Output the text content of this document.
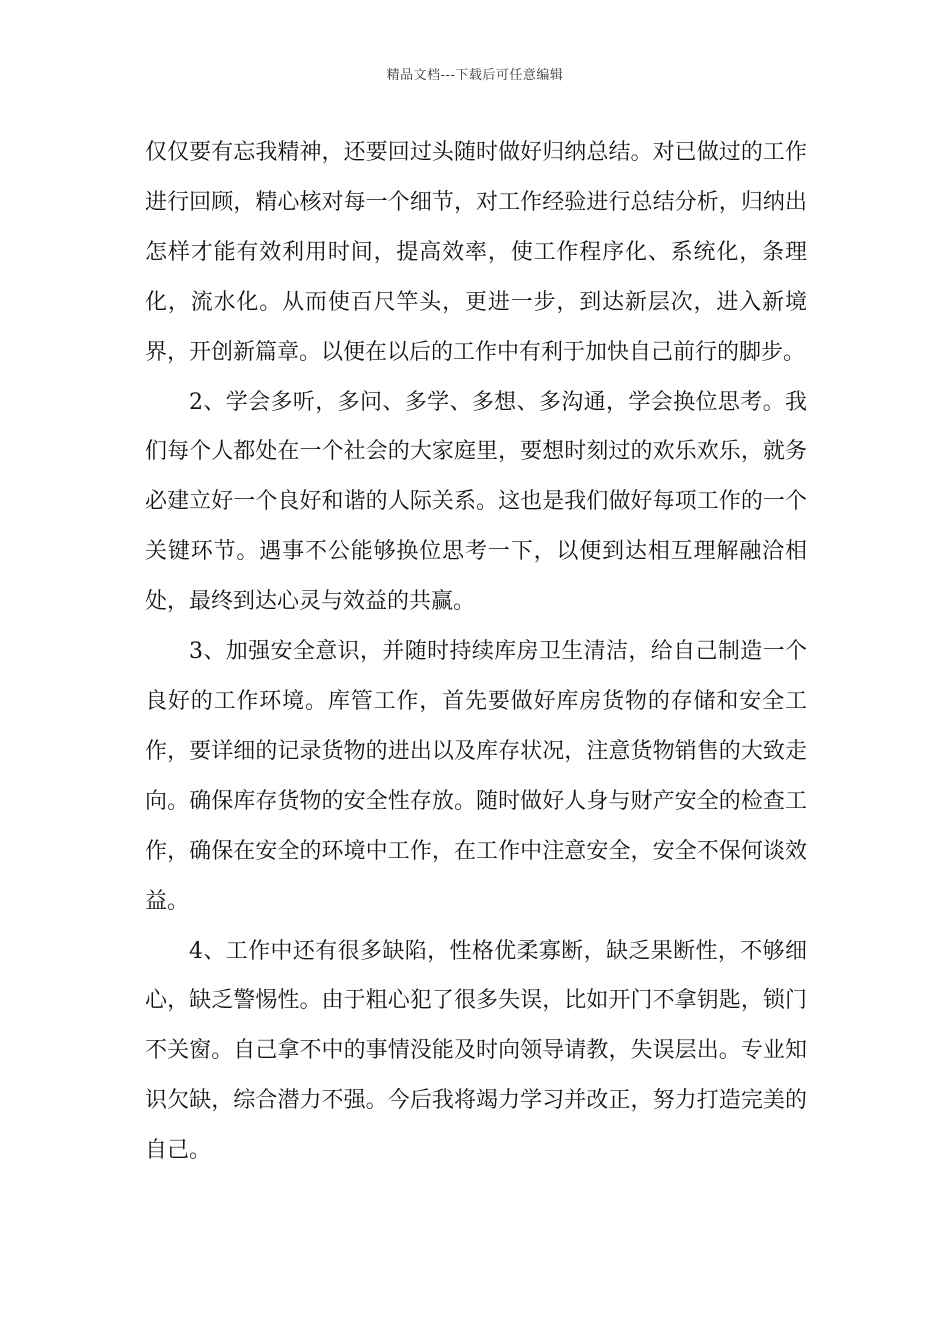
精品文档---下载后可任意编辑

仅仅要有忘我精神，还要回过头随时做好归纳总结。对已做过的工作进行回顾，精心核对每一个细节，对工作经验进行总结分析，归纳出怎样才能有效利用时间，提高效率，使工作程序化、系统化，条理化，流水化。从而使百尺竿头，更进一步，到达新层次，进入新境界，开创新篇章。以便在以后的工作中有利于加快自己前行的脚步。

2、学会多听，多问、多学、多想、多沟通，学会换位思考。我们每个人都处在一个社会的大家庭里，要想时刻过的欢乐欢乐，就务必建立好一个良好和谐的人际关系。这也是我们做好每项工作的一个关键环节。遇事不公能够换位思考一下，以便到达相互理解融洽相处，最终到达心灵与效益的共赢。

3、加强安全意识，并随时持续库房卫生清洁，给自己制造一个良好的工作环境。库管工作，首先要做好库房货物的存储和安全工作，要详细的记录货物的进出以及库存状况，注意货物销售的大致走向。确保库存货物的安全性存放。随时做好人身与财产安全的检查工作，确保在安全的环境中工作，在工作中注意安全，安全不保何谈效益。

4、工作中还有很多缺陷，性格优柔寡断，缺乏果断性，不够细心，缺乏警惕性。由于粗心犯了很多失误，比如开门不拿钥匙，锁门不关窗。自己拿不中的事情没能及时向领导请教，失误层出。专业知识欠缺，综合潜力不强。今后我将竭力学习并改正，努力打造完美的自己。
